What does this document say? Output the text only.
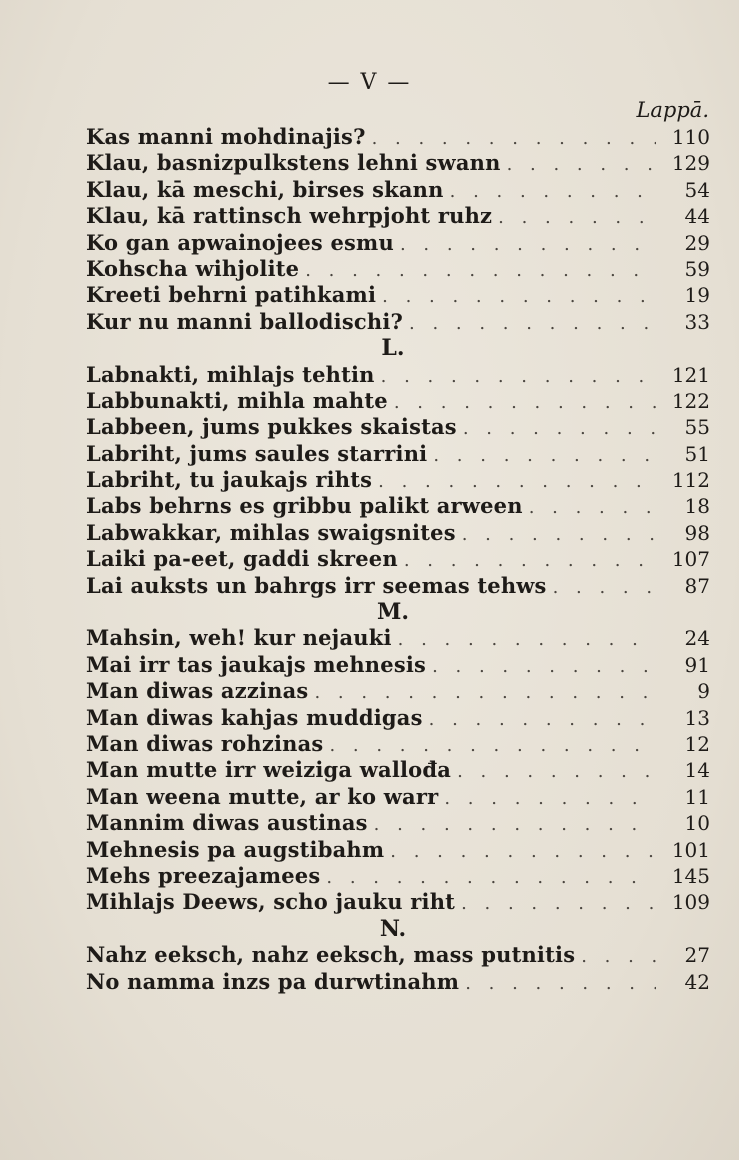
— V —
Lappā.
Kas manni mohdinajis? . . .	110
Klau, basnizpulkstens lehni swann . . .	129
Klau, kā meschi, birses skann . . .	54
Klau, kā rattinsch wehrpjoht ruhz . . .	44
Ko gan apwainojees esmu . . .	29
Kohscha wihjolite . . .	59
Kreeti behrni patihkami . . .	19
Kur nu manni ballodischi? . . .	33
L.
Labnakti, mihlajs tehtin . . .	121
Labbunakti, mihla mahte . . .	122
Labbeen, jums pukkes skaistas . . .	55
Labriht, jums saules starrini . . .	51
Labriht, tu jaukajs rihts . . .	112
Labs behrns es gribbu palikt arween . . .	18
Labwakkar, mihlas swaigsnites . . .	98
Laiki pa-eet, gaddi skreen . . .	107
Lai auksts un bahrgs irr seemas tehws . . .	87
M.
Mahsin, weh! kur nejauki . . .	24
Mai irr tas jaukajs mehnesis . . .	91
Man diwas azzinas . . .	9
Man diwas kahjas muddigas . . .	13
Man diwas rohzinas . . .	12
Man mutte irr weiziga wallođa . . .	14
Man weena mutte, ar ko warr . . .	11
Mannim diwas austinas . . .	10
Mehnesis pa augstibahm . . .	101
Mehs preezajamees . . .	145
Mihlajs Deews, scho jauku riht . . .	109
N.
Nahz eeksch, nahz eeksch, mass putnitis . . .	27
No namma inzs pa durwtinahm . . .	42
